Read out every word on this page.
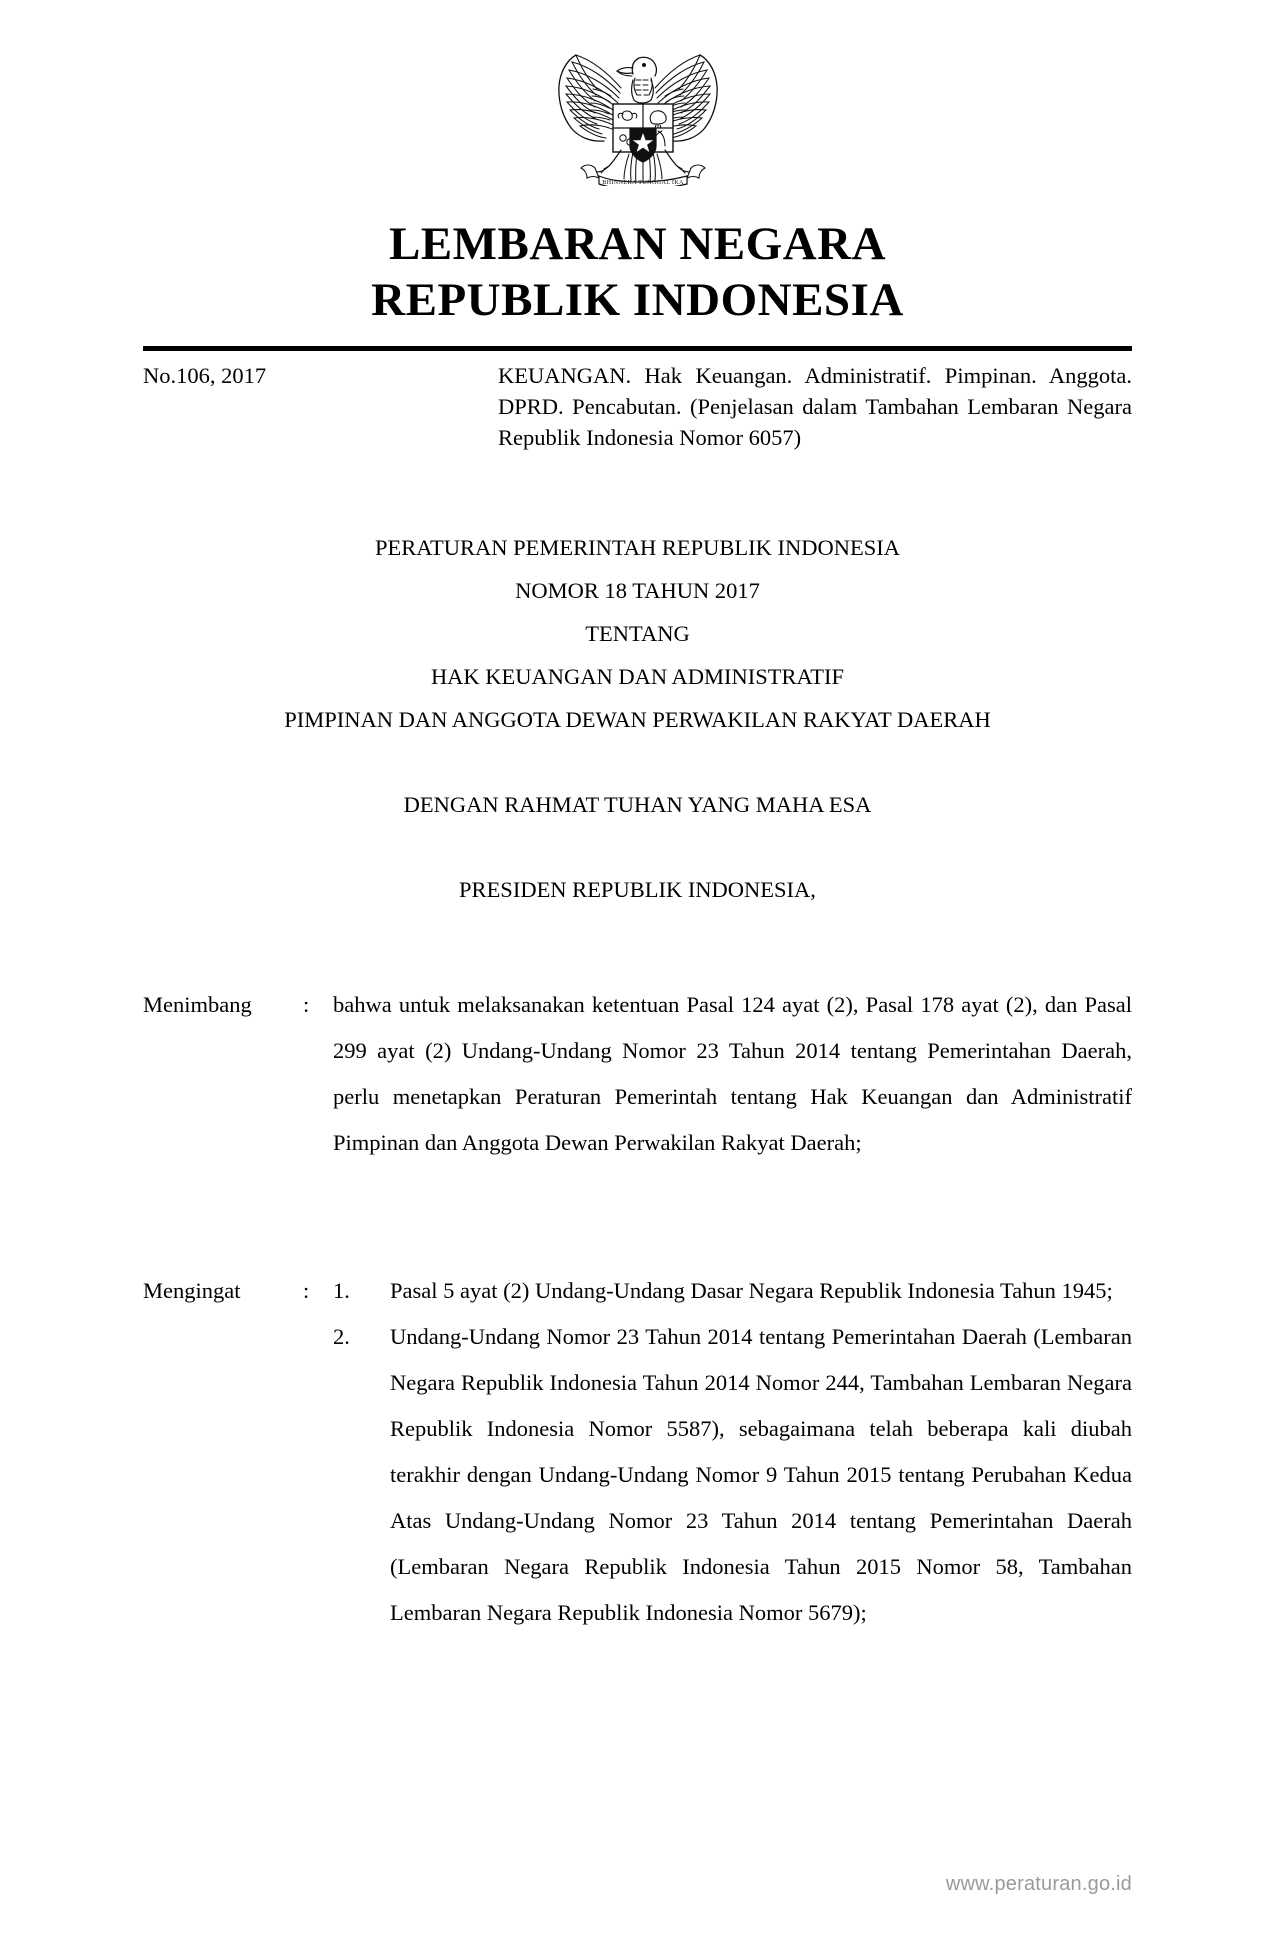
BHINNEKA TUNGGAL IKA
LEMBARAN NEGARA
REPUBLIK INDONESIA
No.106, 2017	KEUANGAN. Hak Keuangan. Administratif. Pimpinan. Anggota. DPRD. Pencabutan. (Penjelasan dalam Tambahan Lembaran Negara Republik Indonesia Nomor 6057)
PERATURAN PEMERINTAH REPUBLIK INDONESIA
NOMOR 18 TAHUN 2017
TENTANG
HAK KEUANGAN DAN ADMINISTRATIF
PIMPINAN DAN ANGGOTA DEWAN PERWAKILAN RAKYAT DAERAH
DENGAN RAHMAT TUHAN YANG MAHA ESA
PRESIDEN REPUBLIK INDONESIA,
Menimbang	:	bahwa untuk melaksanakan ketentuan Pasal 124 ayat (2), Pasal 178 ayat (2), dan Pasal 299 ayat (2) Undang-Undang Nomor 23 Tahun 2014 tentang Pemerintahan Daerah, perlu menetapkan Peraturan Pemerintah tentang Hak Keuangan dan Administratif Pimpinan dan Anggota Dewan Perwakilan Rakyat Daerah;
Mengingat	:	1.	Pasal 5 ayat (2) Undang-Undang Dasar Negara Republik Indonesia Tahun 1945;
2.	Undang-Undang Nomor 23 Tahun 2014 tentang Pemerintahan Daerah (Lembaran Negara Republik Indonesia Tahun 2014 Nomor 244, Tambahan Lembaran Negara Republik Indonesia Nomor 5587), sebagaimana telah beberapa kali diubah terakhir dengan Undang-Undang Nomor 9 Tahun 2015 tentang Perubahan Kedua Atas Undang-Undang Nomor 23 Tahun 2014 tentang Pemerintahan Daerah (Lembaran Negara Republik Indonesia Tahun 2015 Nomor 58, Tambahan Lembaran Negara Republik Indonesia Nomor 5679);
www.peraturan.go.id
